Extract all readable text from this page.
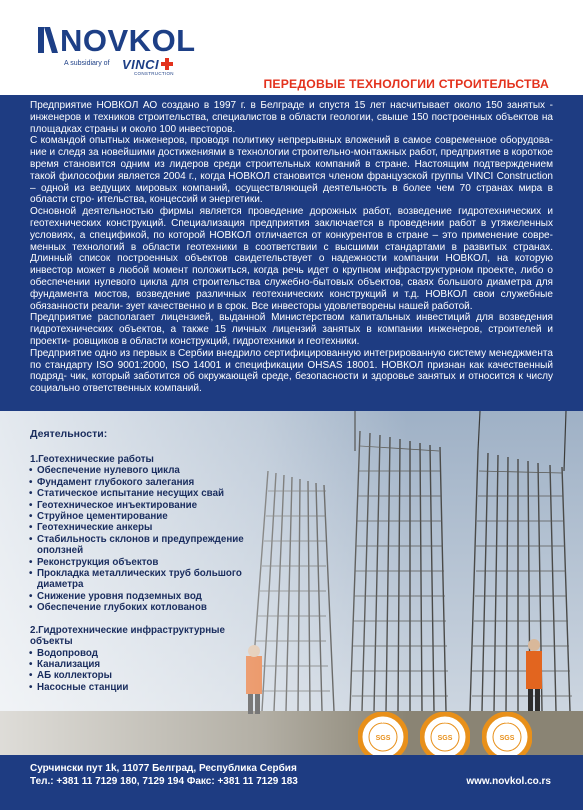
NOVKOL
A subsidiary of VINCI
CONSTRUCTION
ПЕРЕДОВЫЕ ТЕХНОЛОГИИ СТРОИТЕЛЬСТВА

Предприятие НОВКОЛ АО создано в 1997 г. в Белграде и спустя 15 лет насчитывает около 150 занятых - инженеров и техников строительства, специалистов в области геологии, свыше 150 построенных объектов на площадках страны и около 100 инвесторов.

С командой опытных инженеров, проводя политику непрерывных вложений в самое современное оборудова- ние и следя за новейшими достижениями в технологии строительно-монтажных работ, предприятие в короткое время становится одним из лидеров среди строительных компаний в стране. Настоящим подтверждением такой философии является 2004 г., когда НОВКОЛ становится членом французской группы VINCI Construction – одной из ведущих мировых компаний, осуществляющей деятельность в более чем 70 странах мира в области стро- ительства, концессий и энергетики.

Основной деятельностью фирмы является проведение дорожных работ, возведение гидротехнических и геотехнических конструкций. Специализация предприятия заключается в проведении работ в утяжеленных условиях, а спецификой, по которой НОВКОЛ отличается от конкурентов в стране – это применение совре- менных технологий в области геотехники в соответствии с высшими стандартами в развитых странах. Длинный список построенных объектов свидетельствует о надежности компании НОВКОЛ, на которую инвестор может в любой момент положиться, когда речь идет о крупном инфраструктурном проекте, либо о обеспечении нулевого цикла для строительства служебно-бытовых объектов, сваях большого диаметра для фундамента мостов, возведение различных геотехнических конструкций и т.д. НОВКОЛ свои служебные обязанности реали- зует качественно и в срок. Все инвесторы удовлетворены нашей работой.

Предприятие располагает лицензией, выданной Министерством капитальных инвестиций для возведения гидротехнических объектов, а также 15 личных лицензий занятых в компании инженеров, строителей и проекти- ровщиков в области конструкций, гидротехники и геотехники.

Предприятие одно из первых в Сербии внедрило сертифицированную интегрированную систему менеджмента по стандарту ISO 9001:2000, ISO 14001 и спецификации OHSAS 18001. НОВКОЛ признан как качественный подряд- чик, который заботится об окружающей среде, безопасности и здоровье занятых и относится к числу социально ответственных компаний.

Деятельности:
1.Геотехнические работы
• Обеспечение нулевого цикла
• Фундамент глубокого залегания
• Статическое испытание несущих свай
• Геотехническое инъектирование
• Струйное цементирование
• Геотехнические анкеры
• Стабильность склонов и предупреждение оползней
• Реконструкция объектов
• Прокладка металлических труб большого диаметра
• Снижение уровня подземных вод
• Обеспечение глубоких котлованов
2.Гидротехнические инфраструктурные объекты
• Водопровод
• Канализация
• АБ коллекторы
• Насосные станции
SGS
ISO 14001
SGS
ISO 9001:2000
SGS
OHSAS 18001
Сурчински пут 1k, 11077 Белград, Республика Сербия
Тел.: +381 11 7129 180, 7129 194 Факс: +381 11 7129 183	www.novkol.co.rs
